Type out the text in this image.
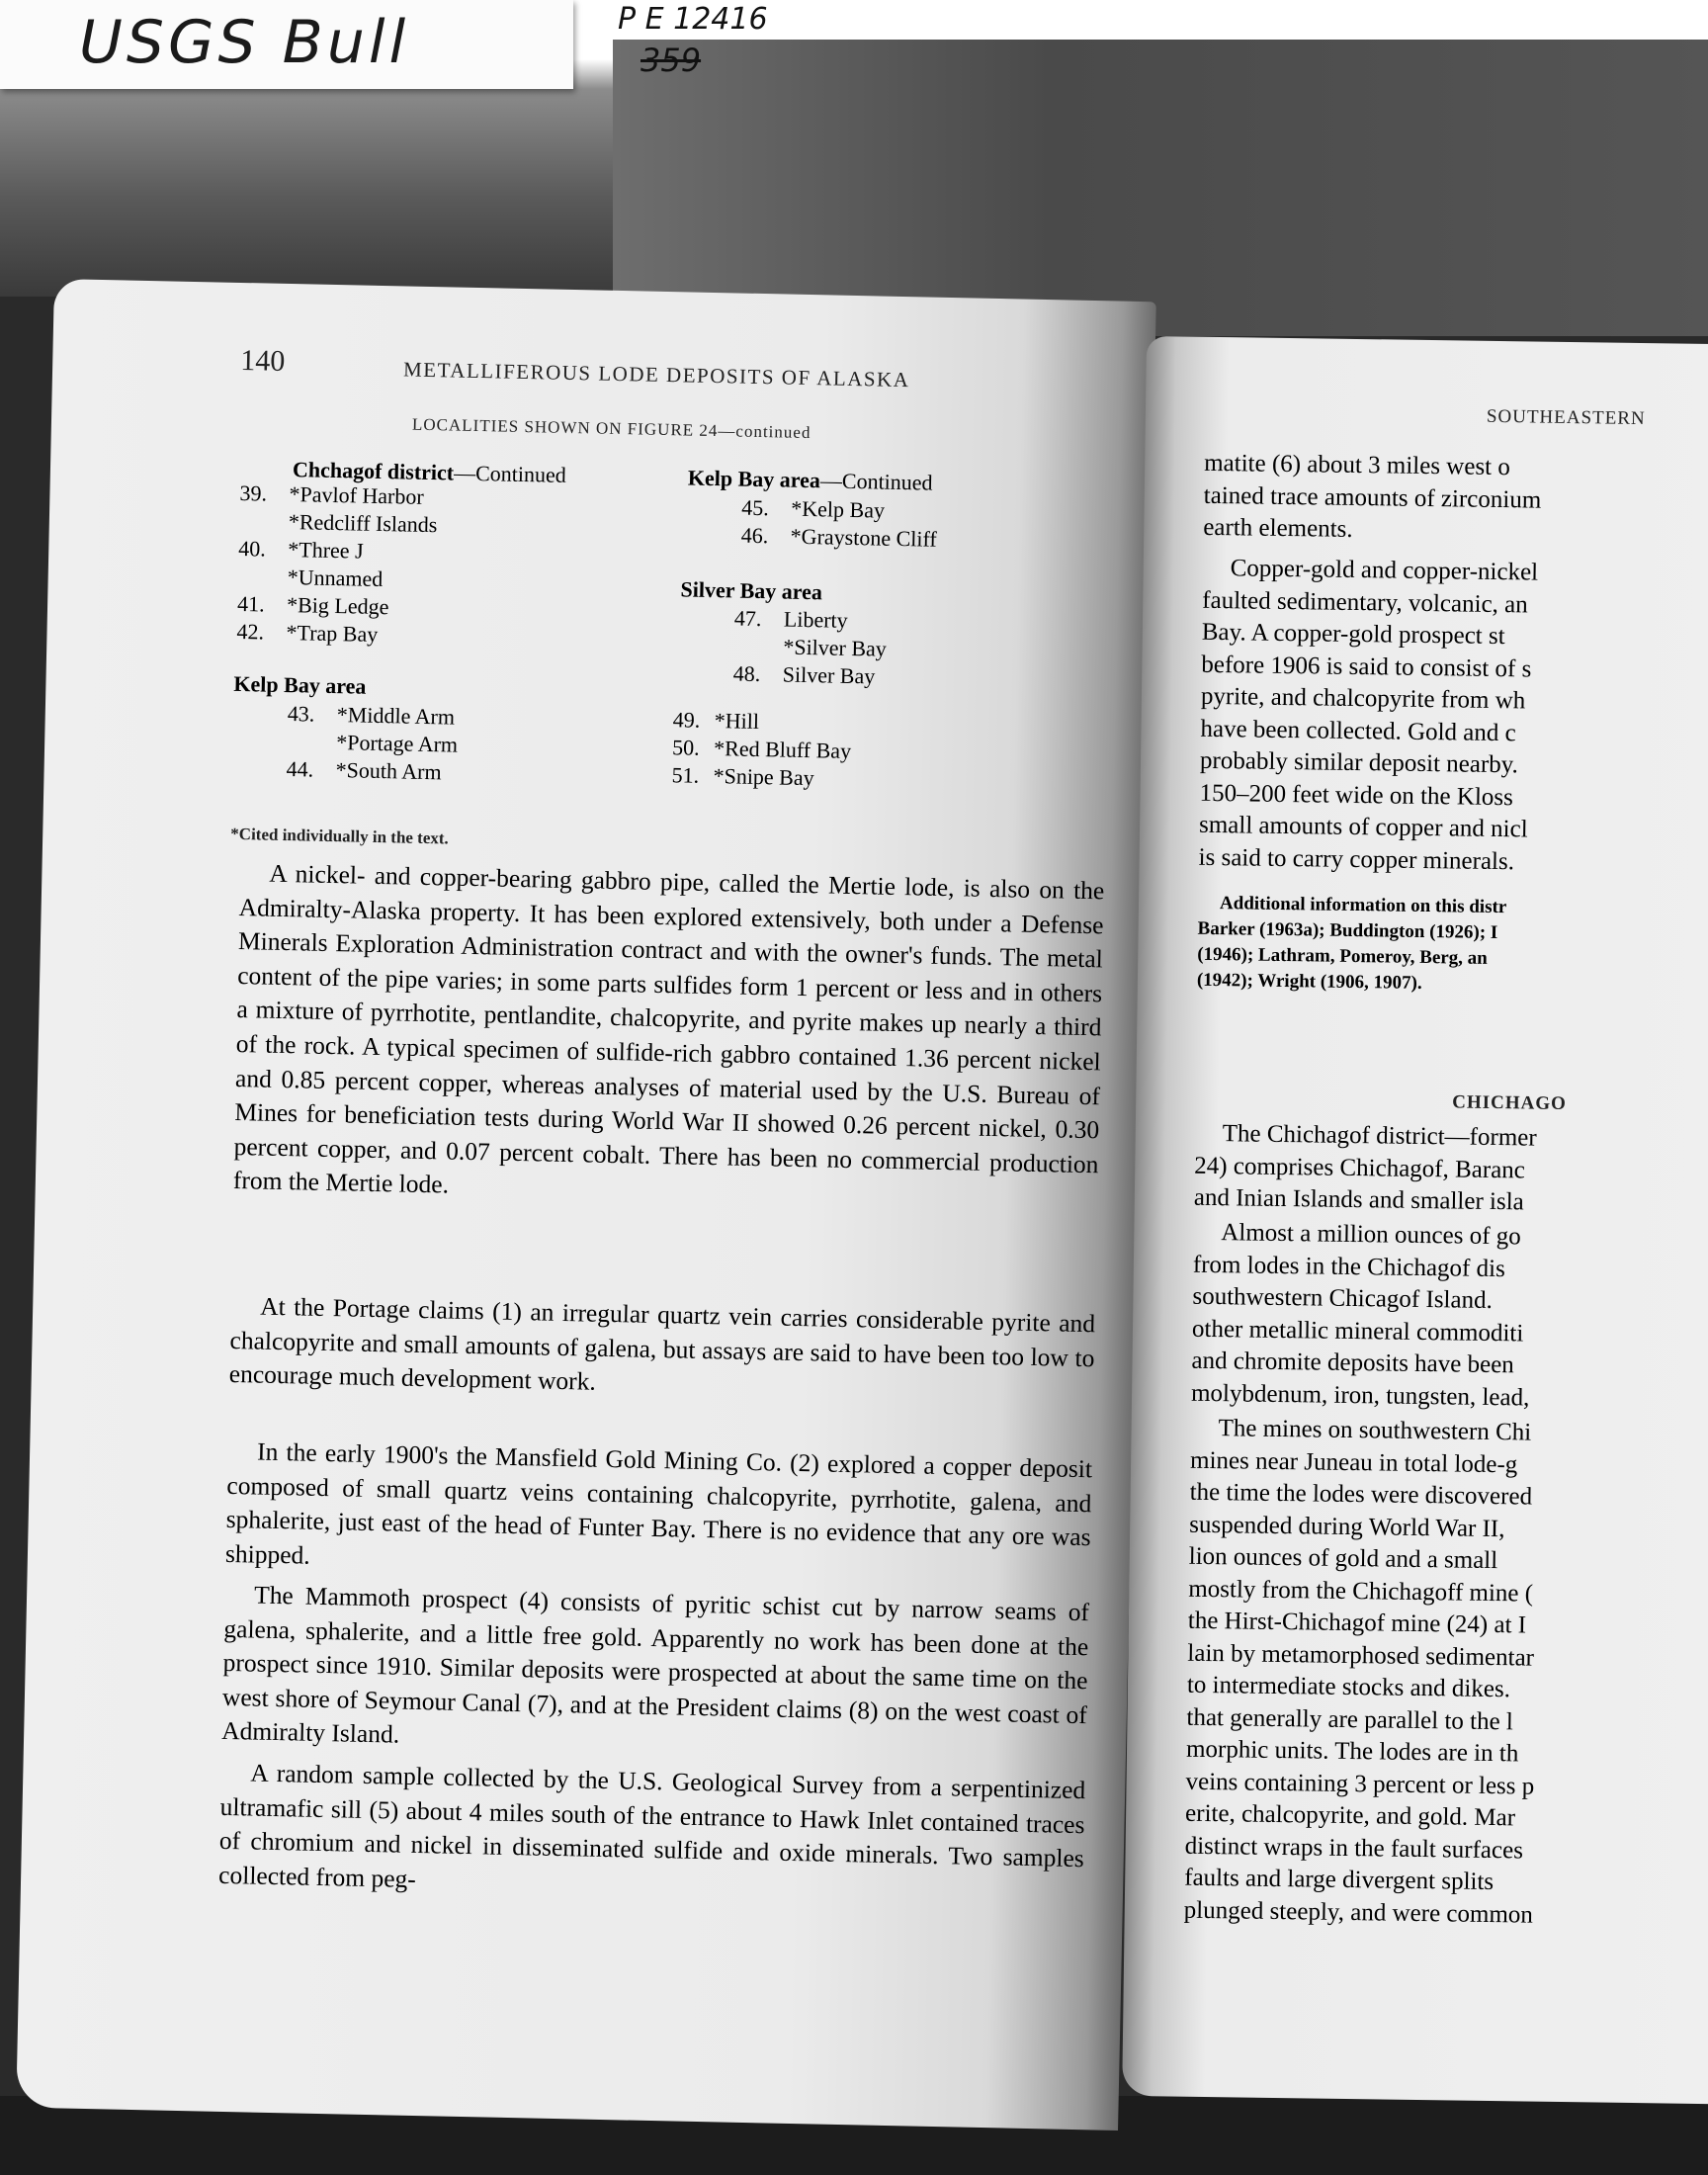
USGS Bull	P E 12416
359
140	METALLIFEROUS LODE DEPOSITS OF ALASKA
LOCALITIES SHOWN ON FIGURE 24—continued
Chchagof district—Continued
39. *Pavlof Harbor
*Redcliff Islands
40. *Three J
*Unnamed
41. *Big Ledge
42. *Trap Bay
Kelp Bay area
43. *Middle Arm
*Portage Arm
44. *South Arm
Kelp Bay area—Continued
45. *Kelp Bay
46. *Graystone Cliff
Silver Bay area
47. Liberty
*Silver Bay
48. Silver Bay
49. *Hill
50. *Red Bluff Bay
51. *Snipe Bay
*Cited individually in the text.

A nickel- and copper-bearing gabbro pipe, called the Mertie lode, is also on the Admiralty-Alaska property. It has been explored extensively, both under a Defense Minerals Exploration Administration contract and with the owner's funds. The metal content of the pipe varies; in some parts sulfides form 1 percent or less and in others a mixture of pyrrhotite, pentlandite, chalcopyrite, and pyrite makes up nearly a third of the rock. A typical specimen of sulfide-rich gabbro contained 1.36 percent nickel and 0.85 percent copper, whereas analyses of material used by the U.S. Bureau of Mines for beneficiation tests during World War II showed 0.26 percent nickel, 0.30 percent copper, and 0.07 percent cobalt. There has been no commercial production from the Mertie lode.

At the Portage claims (1) an irregular quartz vein carries considerable pyrite and chalcopyrite and small amounts of galena, but assays are said to have been too low to encourage much development work.

In the early 1900's the Mansfield Gold Mining Co. (2) explored a copper deposit composed of small quartz veins containing chalcopyrite, pyrrhotite, galena, and sphalerite, just east of the head of Funter Bay. There is no evidence that any ore was shipped.

The Mammoth prospect (4) consists of pyritic schist cut by narrow seams of galena, sphalerite, and a little free gold. Apparently no work has been done at the prospect since 1910. Similar deposits were prospected at about the same time on the west shore of Seymour Canal (7), and at the President claims (8) on the west coast of Admiralty Island.

A random sample collected by the U.S. Geological Survey from a serpentinized ultramafic sill (5) about 4 miles south of the entrance to Hawk Inlet contained traces of chromium and nickel in disseminated sulfide and oxide minerals. Two samples collected from peg-

SOUTHEASTERN
matite (6) about 3 miles west o
tained trace amounts of zirconium
earth elements.
Copper-gold and copper-nickel
faulted sedimentary, volcanic, an
Bay. A copper-gold prospect st
before 1906 is said to consist of s
pyrite, and chalcopyrite from wh
have been collected. Gold and c
probably similar deposit nearby.
150–200 feet wide on the Kloss
small amounts of copper and nicl
is said to carry copper minerals.
Additional information on this distr
Barker (1963a); Buddington (1926); I
(1946); Lathram, Pomeroy, Berg, an
(1942); Wright (1906, 1907).
CHICHAGO
The Chichagof district—former
24) comprises Chichagof, Baranc
and Inian Islands and smaller isla
Almost a million ounces of go
from lodes in the Chichagof dis
southwestern Chicagof Island.
other metallic mineral commoditi
and chromite deposits have been
molybdenum, iron, tungsten, lead,
The mines on southwestern Chi
mines near Juneau in total lode-g
the time the lodes were discovered
suspended during World War II,
lion ounces of gold and a small
mostly from the Chichagoff mine (
the Hirst-Chichagof mine (24) at I
lain by metamorphosed sedimentar
to intermediate stocks and dikes.
that generally are parallel to the l
morphic units. The lodes are in th
veins containing 3 percent or less p
erite, chalcopyrite, and gold. Mar
distinct wraps in the fault surfaces
faults and large divergent splits
plunged steeply, and were common
